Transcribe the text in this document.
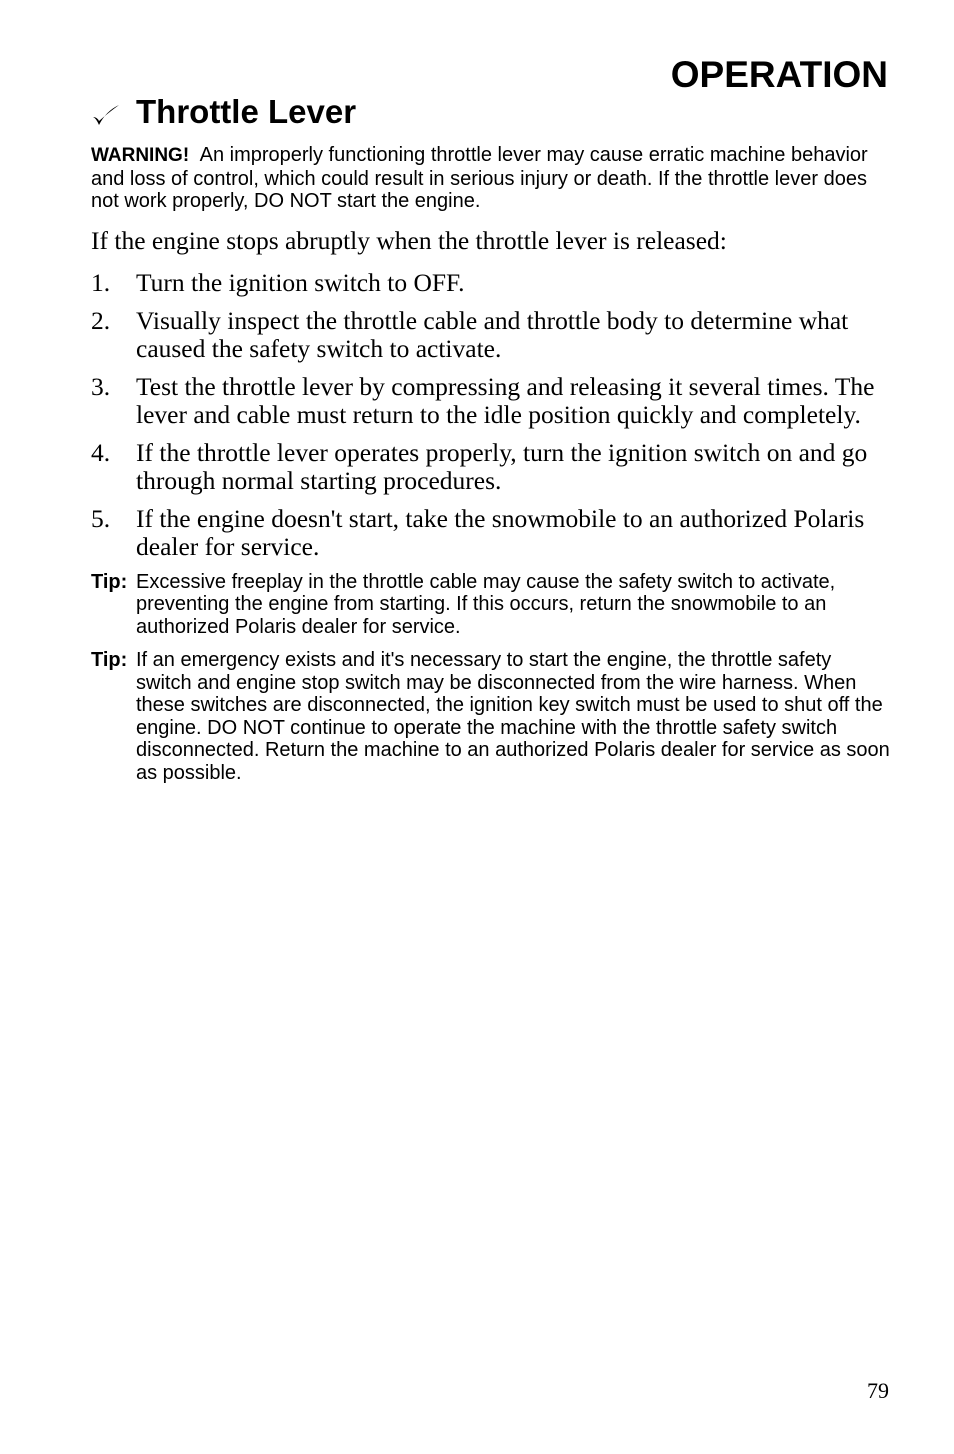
OPERATION
Throttle Lever

WARNING! An improperly functioning throttle lever may cause erratic machine behavior and loss of control, which could result in serious injury or death. If the throttle lever does not work properly, DO NOT start the engine.

If the engine stops abruptly when the throttle lever is released:

1.	Turn the ignition switch to OFF.
2.	Visually inspect the throttle cable and throttle body to determine what caused the safety switch to activate.
3.	Test the throttle lever by compressing and releasing it several times. The lever and cable must return to the idle position quickly and completely.
4.	If the throttle lever operates properly, turn the ignition switch on and go through normal starting procedures.
5.	If the engine doesn't start, take the snowmobile to an authorized Polaris dealer for service.
Tip: Excessive freeplay in the throttle cable may cause the safety switch to activate, preventing the engine from starting. If this occurs, return the snowmobile to an authorized Polaris dealer for service.
Tip: If an emergency exists and it's necessary to start the engine, the throttle safety switch and engine stop switch may be disconnected from the wire harness. When these switches are disconnected, the ignition key switch must be used to shut off the engine. DO NOT continue to operate the machine with the throttle safety switch disconnected. Return the machine to an authorized Polaris dealer for service as soon as possible.

79
